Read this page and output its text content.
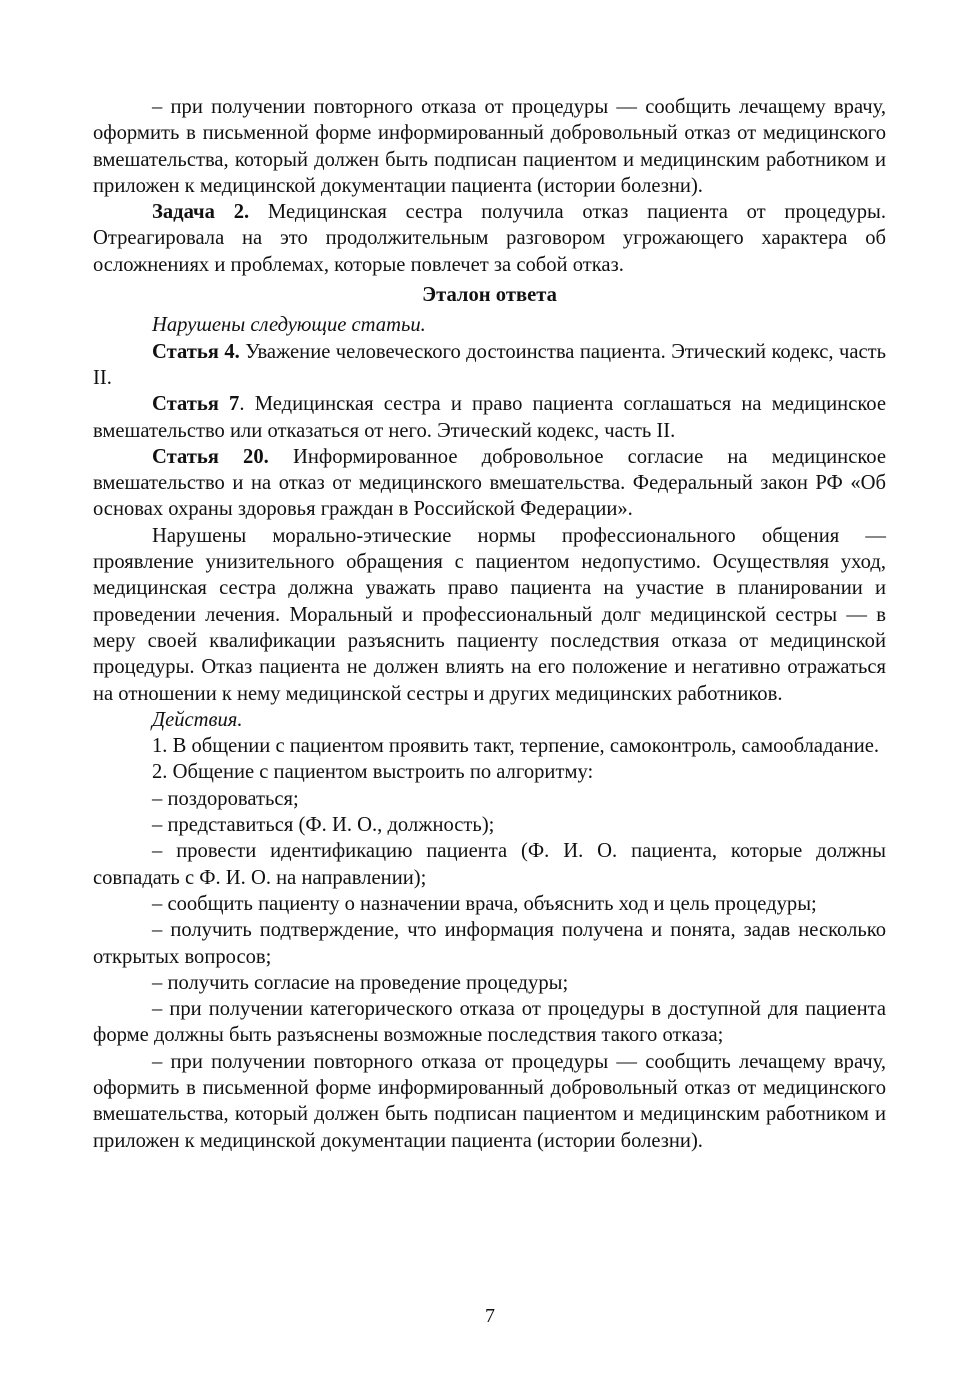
– при получении повторного отказа от процедуры — сообщить лечащему врачу, оформить в письменной форме информированный добровольный отказ от медицинского вмешательства, который должен быть подписан пациентом и медицинским работником и приложен к медицинской документации пациента (истории болезни).

Задача 2. Медицинская сестра получила отказ пациента от процедуры. Отреагировала на это продолжительным разговором угрожающего характера об осложнениях и проблемах, которые повлечет за собой отказ.

Эталон ответа

Нарушены следующие статьи.

Статья 4. Уважение человеческого достоинства пациента. Этический кодекс, часть II.

Статья 7. Медицинская сестра и право пациента соглашаться на медицинское вмешательство или отказаться от него. Этический кодекс, часть II.

Статья 20. Информированное добровольное согласие на медицинское вмешательство и на отказ от медицинского вмешательства. Федеральный закон РФ «Об основах охраны здоровья граждан в Российской Федерации».

Нарушены морально-этические нормы профессионального общения — проявление унизительного обращения с пациентом недопустимо. Осуществляя уход, медицинская сестра должна уважать право пациента на участие в планировании и проведении лечения. Моральный и профессиональный долг медицинской сестры — в меру своей квалификации разъяснить пациенту последствия отказа от медицинской процедуры. Отказ пациента не должен влиять на его положение и негативно отражаться на отношении к нему медицинской сестры и других медицинских работников.

Действия.

1. В общении с пациентом проявить такт, терпение, самоконтроль, самообладание.

2. Общение с пациентом выстроить по алгоритму:

– поздороваться;

– представиться (Ф. И. О., должность);

– провести идентификацию пациента (Ф. И. О. пациента, которые должны совпадать с Ф. И. О. на направлении);

– сообщить пациенту о назначении врача, объяснить ход и цель процедуры;

– получить подтверждение, что информация получена и понята, задав несколько открытых вопросов;

– получить согласие на проведение процедуры;

– при получении категорического отказа от процедуры в доступной для пациента форме должны быть разъяснены возможные последствия такого отказа;

– при получении повторного отказа от процедуры — сообщить лечащему врачу, оформить в письменной форме информированный добровольный отказ от медицинского вмешательства, который должен быть подписан пациентом и медицинским работником и приложен к медицинской документации пациента (истории болезни).

7
